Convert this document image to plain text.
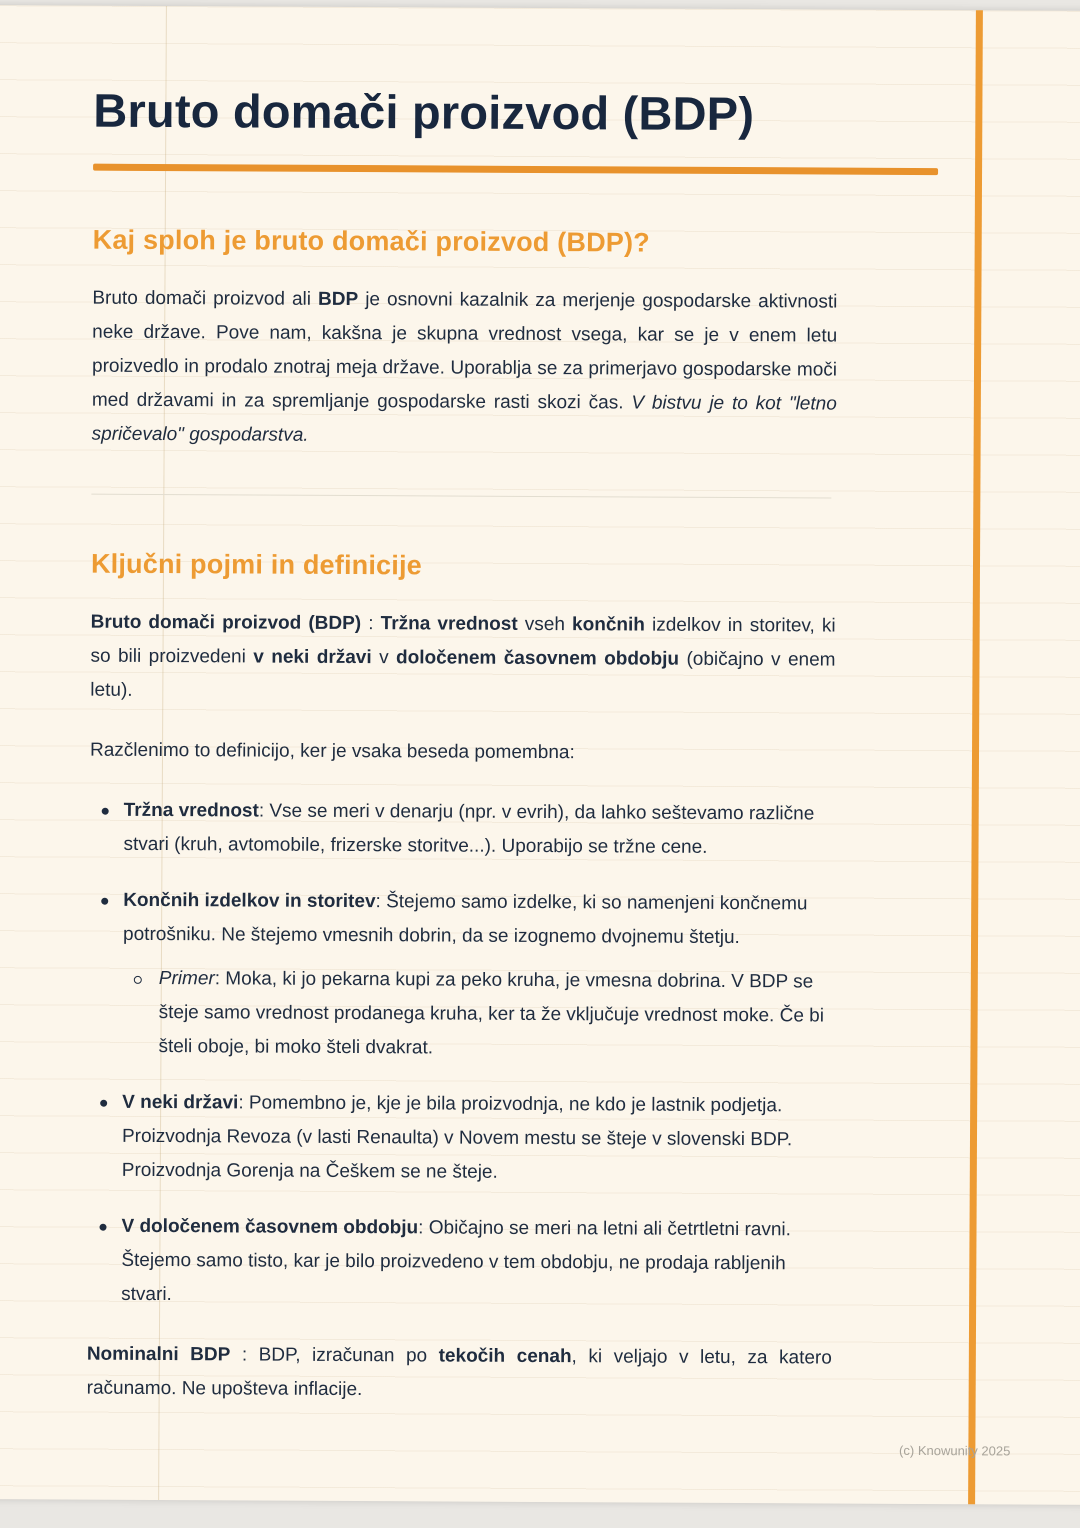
Bruto domači proizvod (BDP)
Kaj sploh je bruto domači proizvod (BDP)?

Bruto domači proizvod ali BDP je osnovni kazalnik za merjenje gospodarske aktivnosti neke države. Pove nam, kakšna je skupna vrednost vsega, kar se je v enem letu proizvedlo in prodalo znotraj meja države. Uporablja se za primerjavo gospodarske moči med državami in za spremljanje gospodarske rasti skozi čas. V bistvu je to kot "letno spričevalo" gospodarstva.

Ključni pojmi in definicije

Bruto domači proizvod (BDP) : Tržna vrednost vseh končnih izdelkov in storitev, ki so bili proizvedeni v neki državi v določenem časovnem obdobju (običajno v enem letu).

Razčlenimo to definicijo, ker je vsaka beseda pomembna:

Tržna vrednost: Vse se meri v denarju (npr. v evrih), da lahko seštevamo različne stvari (kruh, avtomobile, frizerske storitve...). Uporabijo se tržne cene.
Končnih izdelkov in storitev: Štejemo samo izdelke, ki so namenjeni končnemu potrošniku. Ne štejemo vmesnih dobrin, da se izognemo dvojnemu štetju.
Primer: Moka, ki jo pekarna kupi za peko kruha, je vmesna dobrina. V BDP se šteje samo vrednost prodanega kruha, ker ta že vključuje vrednost moke. Če bi šteli oboje, bi moko šteli dvakrat.
V neki državi: Pomembno je, kje je bila proizvodnja, ne kdo je lastnik podjetja. Proizvodnja Revoza (v lasti Renaulta) v Novem mestu se šteje v slovenski BDP. Proizvodnja Gorenja na Češkem se ne šteje.
V določenem časovnem obdobju: Običajno se meri na letni ali četrtletni ravni. Štejemo samo tisto, kar je bilo proizvedeno v tem obdobju, ne prodaja rabljenih stvari.

Nominalni BDP : BDP, izračunan po tekočih cenah, ki veljajo v letu, za katero računamo. Ne upošteva inflacije.

(c) Knowunity 2025
